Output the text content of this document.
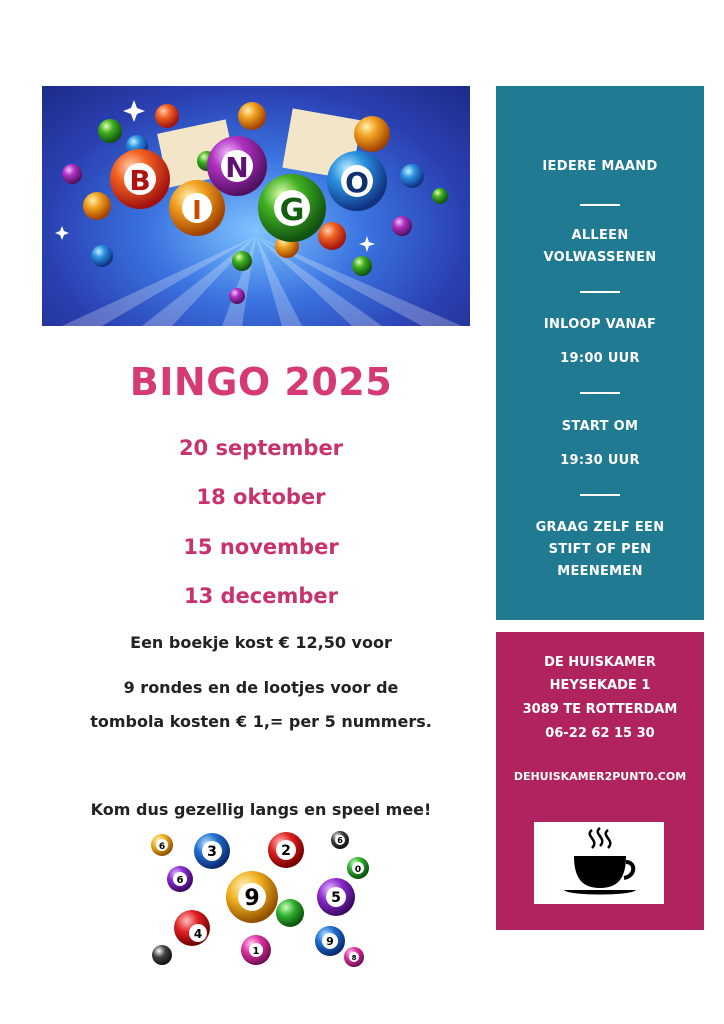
B
I
N
G
O
BINGO 2025
20 september
18 oktober
15 november
13 december
Een boekje kost € 12,50 voor
9 rondes en de lootjes voor de
tombola kosten € 1,= per 5 nummers.
Kom dus gezellig langs en speel mee!
IEDERE MAAND
ALLEEN
VOLWASSENEN
INLOOP VANAF
19:00 UUR
START OM
19:30 UUR
GRAAG ZELF EEN
STIFT OF PEN
MEENEMEN
DE HUISKAMER
HEYSEKADE 1
3089 TE ROTTERDAM
06-22 62 15 30
DEHUISKAMER2PUNT0.COM
6	3	2
6
0
6
9	5
4
1
9
8
